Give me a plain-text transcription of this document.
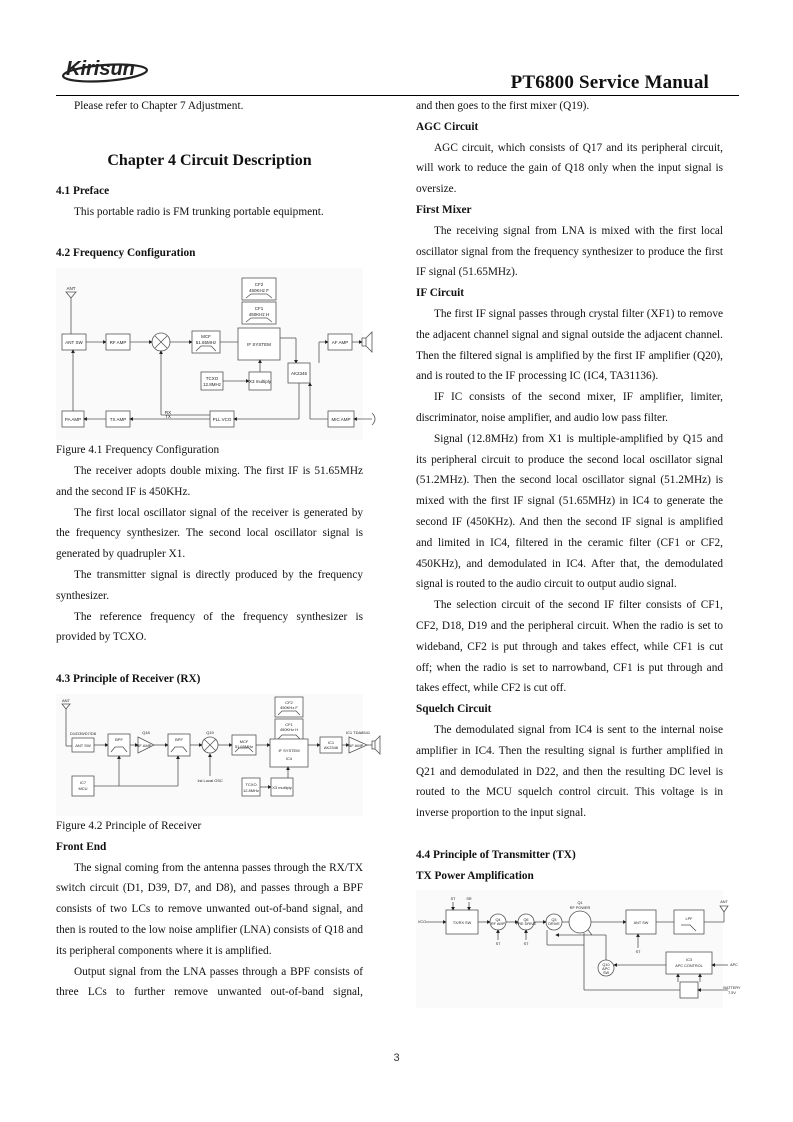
Kirisun
PT6800 Service Manual

Please refer to Chapter 7 Adjustment.

Chapter 4 Circuit Description
4.1 Preface

This portable radio is FM trunking portable equipment.

4.2 Frequency Configuration
ANT
ANT SW	RF AMP
MCF
51.65MHz
CF2
450KHz F
CF1
450KHz H
IF SYSTEM
AK2346
AF AMP
TCXO
12.8MHz
X3 multiply
PA AMP	TX AMP	PLL VCO	MIC AMP
RX
TX

Figure 4.1 Frequency Configuration

The receiver adopts double mixing. The first IF is 51.65MHz and the second IF is 450KHz.

The first local oscillator signal of the receiver is generated by the frequency synthesizer. The second local oscillator signal is generated by quadrupler X1.

The transmitter signal is directly produced by the frequency synthesizer.

The reference frequency of the frequency synthesizer is provided by TCXO.

4.3 Principle of Receiver (RX)
ANT
D1/D39/D7/D8
ANT SW
BPF
Q18
RF AMP
BPF
Q19
1st Local OSC
MCF
51.65MHz
CF2
450KHz F
CF1
450KHz H
IF SYSTEM
IC4
IC1
AK2346
IC1 TDA8541
AF AMP
IC7
MCU
TCXO
12.8MHz
X3 multiply

Figure 4.2 Principle of Receiver

Front End

The signal coming from the antenna passes through the RX/TX switch circuit (D1, D39, D7, and D8), and passes through a BPF consists of two LCs to remove unwanted out-of-band signal, and then is routed to the low noise amplifier (LNA) consists of Q18 and its peripheral components where it is amplified.

Output signal from the LNA passes through a BPF consists of three LCs to further remove unwanted out-of-band signal,

and then goes to the first mixer (Q19).

AGC Circuit

AGC circuit, which consists of Q17 and its peripheral circuit, will work to reduce the gain of Q18 only when the input signal is oversize.

First Mixer

The receiving signal from LNA is mixed with the first local oscillator signal from the frequency synthesizer to produce the first IF signal (51.65MHz).

IF Circuit

The first IF signal passes through crystal filter (XF1) to remove the adjacent channel signal and signal outside the adjacent channel. Then the filtered signal is amplified by the first IF amplifier (Q20), and is routed to the IF processing IC (IC4, TA31136).

IF IC consists of the second mixer, IF amplifier, limiter, discriminator, noise amplifier, and audio low pass filter.

Signal (12.8MHz) from X1 is multiple-amplified by Q15 and its peripheral circuit to produce the second local oscillator signal (51.2MHz). Then the second local oscillator signal (51.2MHz) is mixed with the first IF signal (51.65MHz) in IC4 to generate the second IF (450KHz). And then the second IF signal is amplified and limited in IC4, filtered in the ceramic filter (CF1 or CF2, 450KHz), and demodulated in IC4. After that, the demodulated signal is routed to the audio circuit to output audio signal.

The selection circuit of the second IF filter consists of CF1, CF2, D18, D19 and the peripheral circuit. When the radio is set to wideband, CF2 is put through and takes effect, while CF1 is cut off; when the radio is set to narrowband, CF1 is put through and takes effect, while CF2 is cut off.

Squelch Circuit

The demodulated signal from IC4 is sent to the internal noise amplifier in IC4. Then the resulting signal is further amplified in Q21 and demodulated in D22, and then the resulting DC level is routed to the MCU squelch control circuit. This voltage is in inverse proportion to the input signal.

4.4 Principle of Transmitter (TX)
TX Power Amplification
VCO
ST	SR
TX/RX SW
Q4
RF AMP
ST
Q6
PRE DRIVE
ST
Q3
DRIVE
Q1
RF POWER
ANT SW
LPF
ANT
ST
Q10
APC
SW
IC3
APC CONTROL	APC
BATTERY
7.5V
3
